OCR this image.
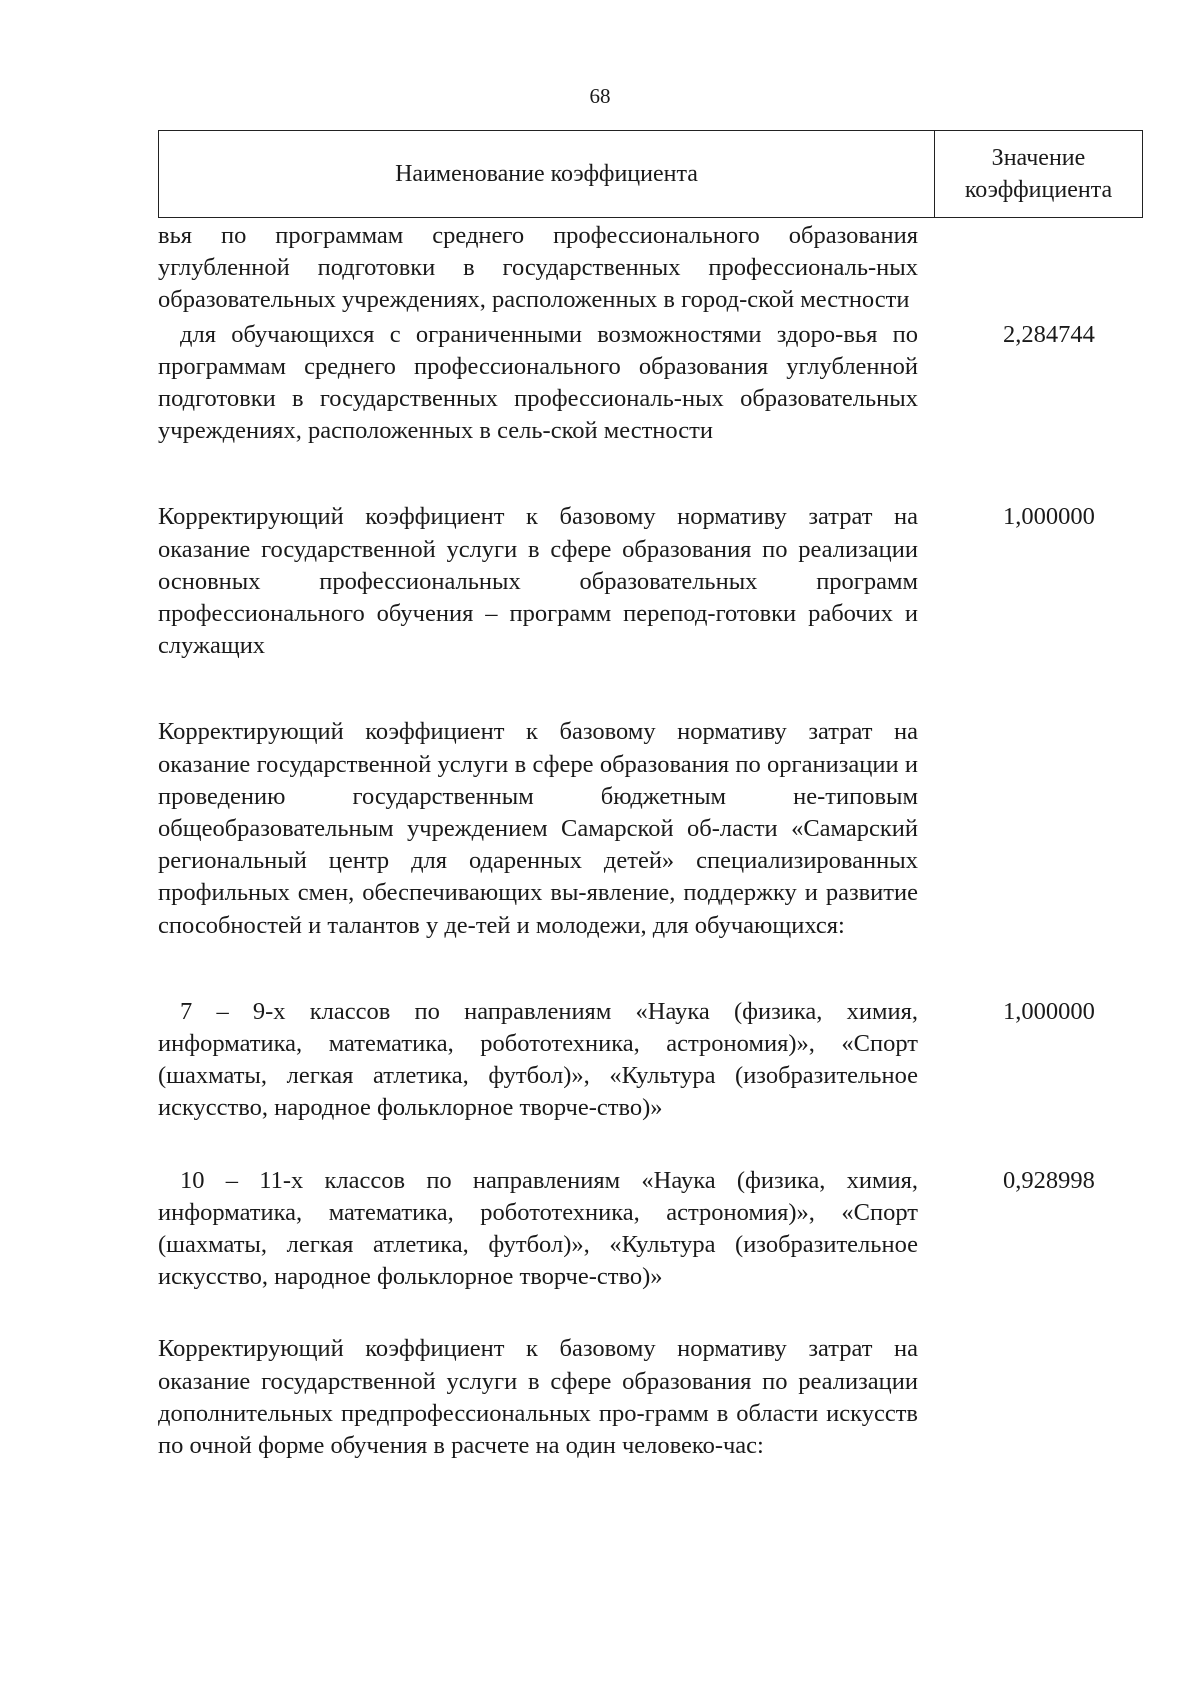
68
Наименование коэффициента
Значение
коэффициента
вья по программам среднего профессионального образования углубленной подготовки в государственных профессиональ-ных образовательных учреждениях, расположенных в город-ской местности
для обучающихся с ограниченными возможностями здоро-вья по программам среднего профессионального образования углубленной подготовки в государственных профессиональ-ных образовательных учреждениях, расположенных в сель-ской местности
2,284744
Корректирующий коэффициент к базовому нормативу затрат на оказание государственной услуги в сфере образования по реализации основных профессиональных образовательных программ профессионального обучения – программ перепод-готовки рабочих и служащих
1,000000
Корректирующий коэффициент к базовому нормативу затрат на оказание государственной услуги в сфере образования по организации и проведению государственным бюджетным не-типовым общеобразовательным учреждением Самарской об-ласти «Самарский региональный центр для одаренных детей» специализированных профильных смен, обеспечивающих вы-явление, поддержку и развитие способностей и талантов у де-тей и молодежи, для обучающихся:
7 – 9-х классов по направлениям «Наука (физика, химия, информатика, математика, робототехника, астрономия)», «Спорт (шахматы, легкая атлетика, футбол)», «Культура (изобразительное искусство, народное фольклорное творче-ство)»
1,000000
10 – 11-х классов по направлениям «Наука (физика, химия, информатика, математика, робототехника, астрономия)», «Спорт (шахматы, легкая атлетика, футбол)», «Культура (изобразительное искусство, народное фольклорное творче-ство)»
0,928998
Корректирующий коэффициент к базовому нормативу затрат на оказание государственной услуги в сфере образования по реализации дополнительных предпрофессиональных про-грамм в области искусств по очной форме обучения в расчете на один человеко-час:
